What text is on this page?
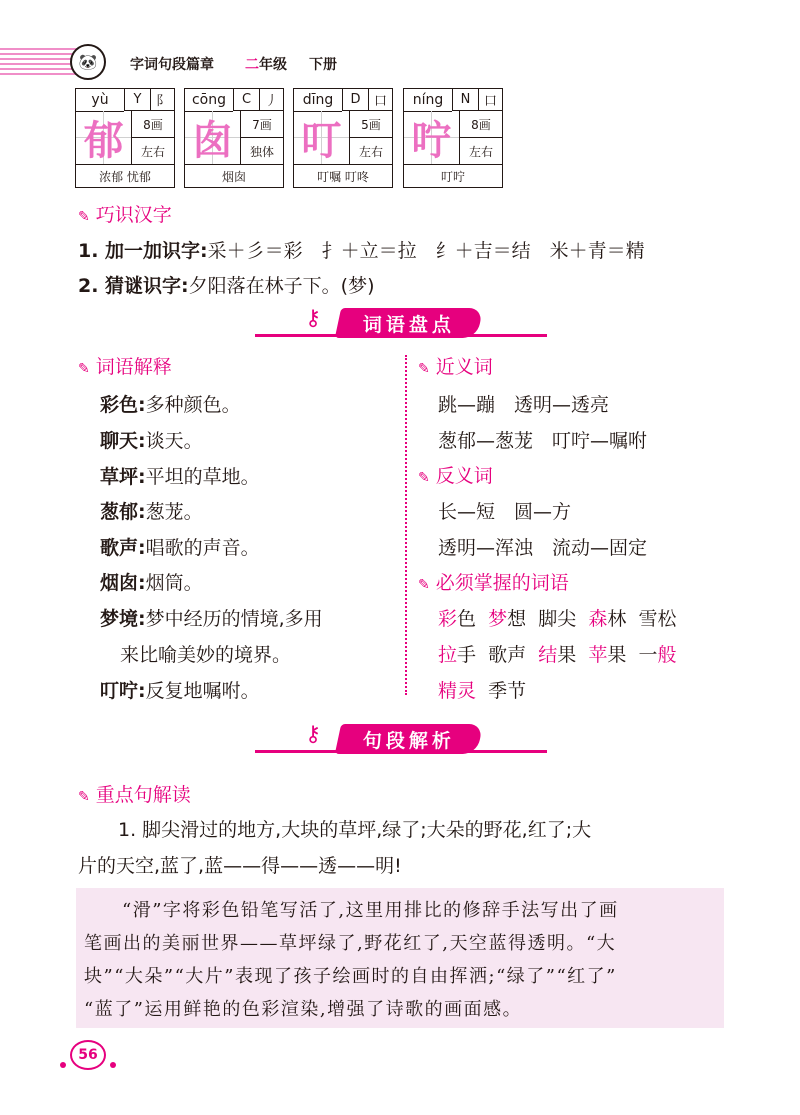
🐼	字词句段篇章 二年级 下册
yù	Y	阝
郁	8画
左右
浓郁 忧郁
cōng	C	丿
囱	7画
独体
烟囱
dīng	D	口
叮	5画
左右
叮嘱 叮咚
níng	N	口
咛	8画
左右
叮咛
✎ 巧识汉字
1. 加一加识字:采＋彡＝彩　扌＋立＝拉　纟＋吉＝结　米＋青＝精
2. 猜谜识字:夕阳落在林子下。(梦)
⚷ 词语盘点
✎ 词语解释
彩色:多种颜色。
聊天:谈天。
草坪:平坦的草地。
葱郁:葱茏。
歌声:唱歌的声音。
烟囱:烟筒。
梦境:梦中经历的情境,多用
来比喻美妙的境界。
叮咛:反复地嘱咐。
✎ 近义词
跳—蹦　透明—透亮
葱郁—葱茏　叮咛—嘱咐
✎ 反义词
长—短　圆—方
透明—浑浊　流动—固定
✎ 必须掌握的词语
彩色 梦想 脚尖 森林 雪松
拉手 歌声 结果 苹果 一般
精灵 季节
⚷ 句段解析
✎ 重点句解读
1. 脚尖滑过的地方,大块的草坪,绿了;大朵的野花,红了;大
片的天空,蓝了,蓝——得——透——明!
“滑”字将彩色铅笔写活了,这里用排比的修辞手法写出了画
笔画出的美丽世界——草坪绿了,野花红了,天空蓝得透明。“大
块”“大朵”“大片”表现了孩子绘画时的自由挥洒;“绿了”“红了”
“蓝了”运用鲜艳的色彩渲染,增强了诗歌的画面感。
56
